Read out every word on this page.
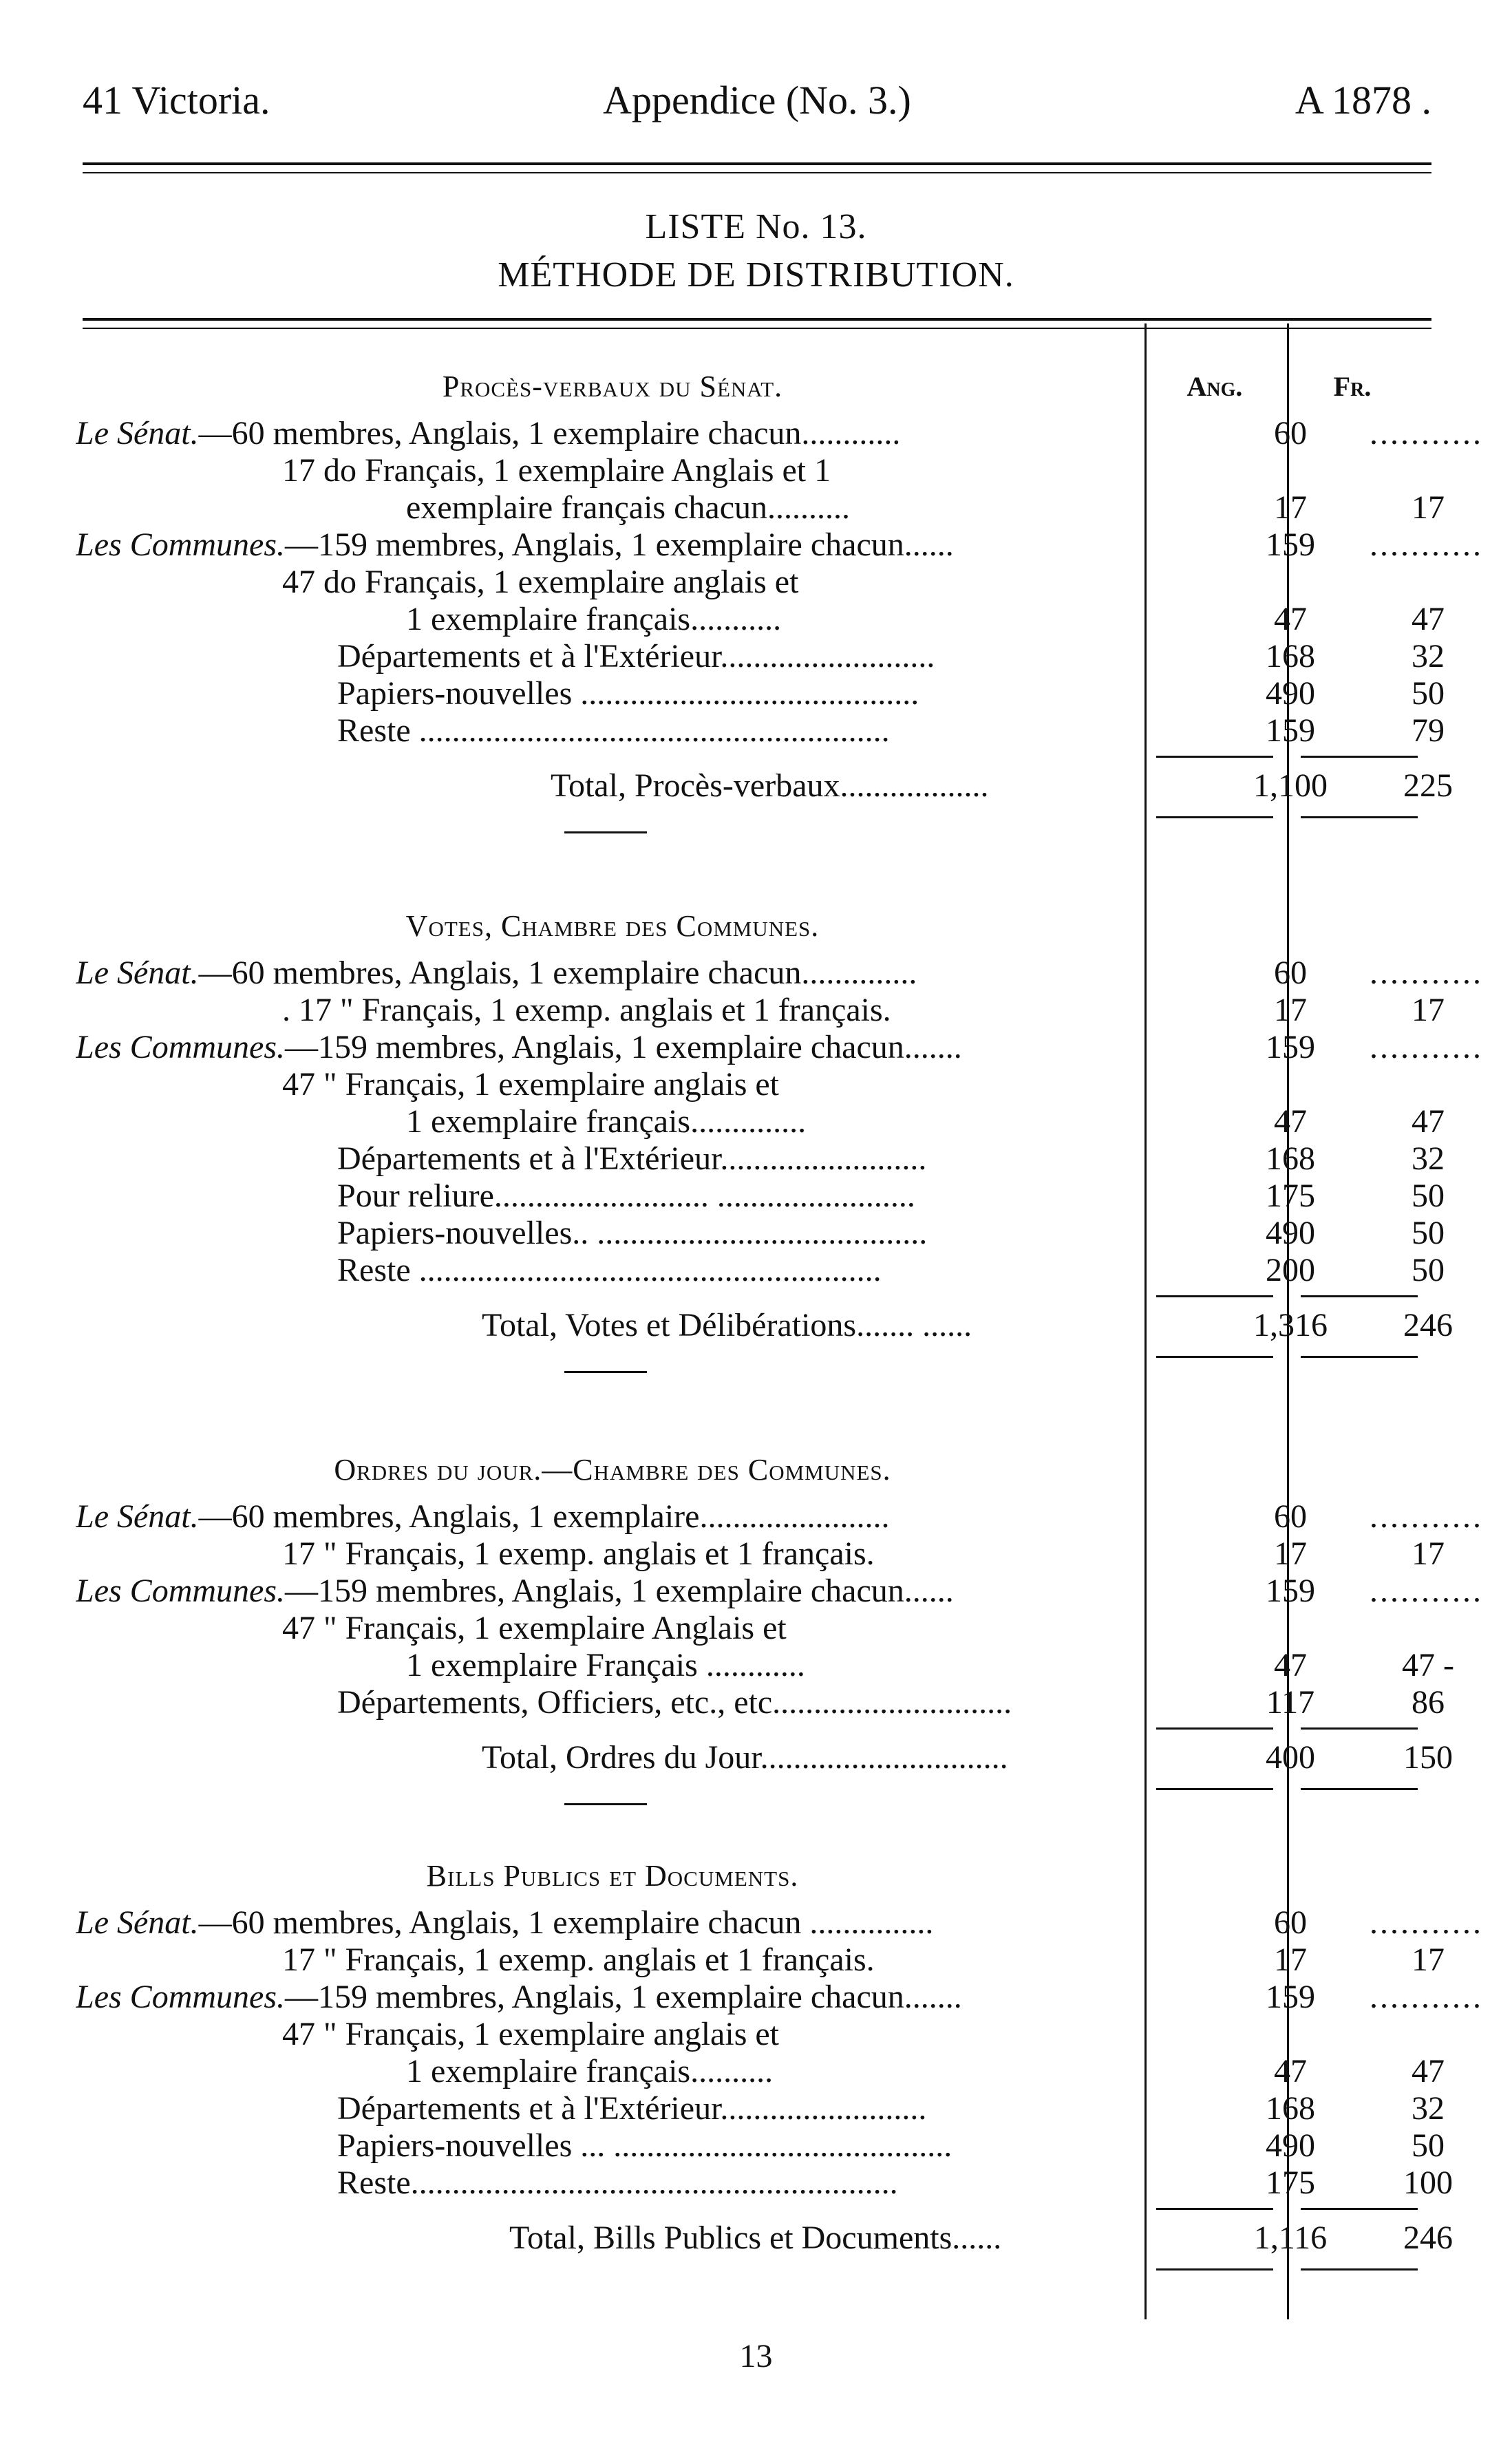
41 Victoria.	Appendice (No. 3.)	A 1878 .
LISTE No. 13.
MÉTHODE DE DISTRIBUTION.
Ang.	Fr.
Procès-verbaux du Sénat.
Le Sénat.—60 membres, Anglais, 1 exemplaire chacun............	60	...........
17 do Français, 1 exemplaire Anglais et 1
exemplaire français chacun..........	17	17
Les Communes.—159 membres, Anglais, 1 exemplaire chacun......	159	...........
47 do Français, 1 exemplaire anglais et
1 exemplaire français...........	47	47
Départements et à l'Extérieur..........................	168	32
Papiers-nouvelles .........................................	490	50
Reste .........................................................	159	79
Total, Procès-verbaux..................	1,100	225
Votes, Chambre des Communes.
Le Sénat.—60 membres, Anglais, 1 exemplaire chacun..............	60	...........
. 17 " Français, 1 exemp. anglais et 1 français.	17	17
Les Communes.—159 membres, Anglais, 1 exemplaire chacun.......	159	...........
47 " Français, 1 exemplaire anglais et
1 exemplaire français..............	47	47
Départements et à l'Extérieur.........................	168	32
Pour reliure.......................... ........................	175	50
Papiers-nouvelles.. ........................................	490	50
Reste ........................................................	200	50
Total, Votes et Délibérations....... ......	1,316	246
Ordres du jour.—Chambre des Communes.
Le Sénat.—60 membres, Anglais, 1 exemplaire.......................	60	...........
17 " Français, 1 exemp. anglais et 1 français.	17	17
Les Communes.—159 membres, Anglais, 1 exemplaire chacun......	159	...........
47 " Français, 1 exemplaire Anglais et
1 exemplaire Français ............	47	47 -
Départements, Officiers, etc., etc.............................	117	86
Total, Ordres du Jour..............................	400	150
Bills Publics et Documents.
Le Sénat.—60 membres, Anglais, 1 exemplaire chacun ...............	60	...........
17 " Français, 1 exemp. anglais et 1 français.	17	17
Les Communes.—159 membres, Anglais, 1 exemplaire chacun.......	159	...........
47 " Français, 1 exemplaire anglais et
1 exemplaire français..........	47	47
Départements et à l'Extérieur.........................	168	32
Papiers-nouvelles ... .........................................	490	50
Reste...........................................................	175	100
Total, Bills Publics et Documents......	1,116	246
13
